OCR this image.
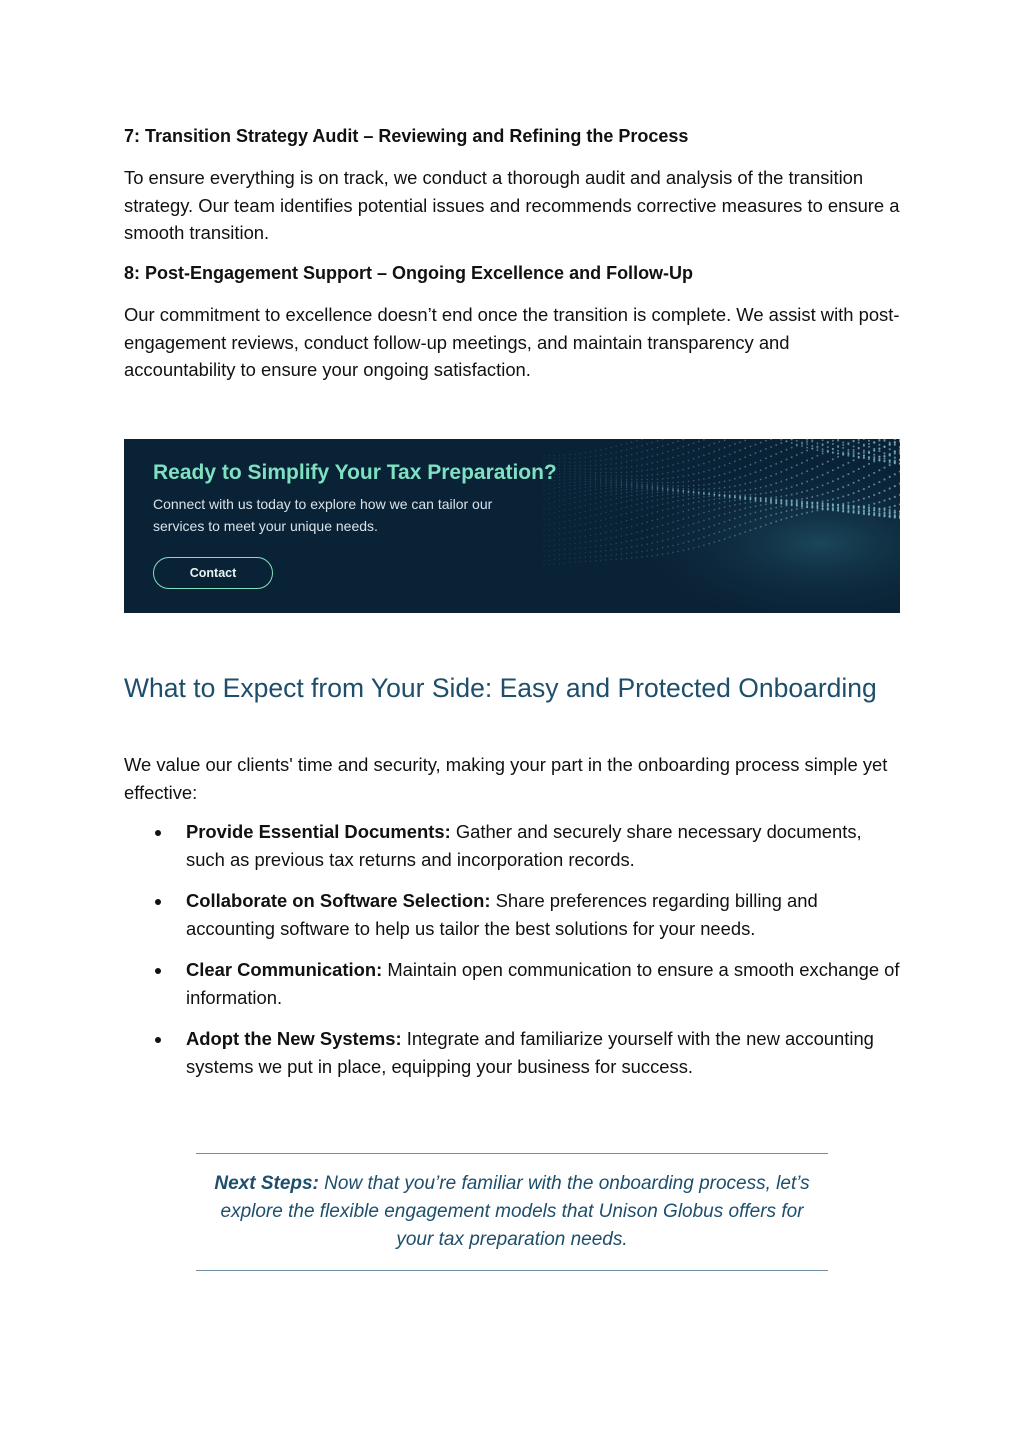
7: Transition Strategy Audit – Reviewing and Refining the Process

To ensure everything is on track, we conduct a thorough audit and analysis of the transition strategy. Our team identifies potential issues and recommends corrective measures to ensure a smooth transition.

8: Post-Engagement Support – Ongoing Excellence and Follow-Up

Our commitment to excellence doesn’t end once the transition is complete. We assist with post-engagement reviews, conduct follow-up meetings, and maintain transparency and accountability to ensure your ongoing satisfaction.

Ready to Simplify Your Tax Preparation?
Connect with us today to explore how we can tailor our services to meet your unique needs.
Contact
What to Expect from Your Side: Easy and Protected Onboarding

We value our clients' time and security, making your part in the onboarding process simple yet effective:

Provide Essential Documents: Gather and securely share necessary documents, such as previous tax returns and incorporation records.
Collaborate on Software Selection: Share preferences regarding billing and accounting software to help us tailor the best solutions for your needs.
Clear Communication: Maintain open communication to ensure a smooth exchange of information.
Adopt the New Systems: Integrate and familiarize yourself with the new accounting systems we put in place, equipping your business for success.
Next Steps: Now that you’re familiar with the onboarding process, let’s explore the flexible engagement models that Unison Globus offers for your tax preparation needs.
